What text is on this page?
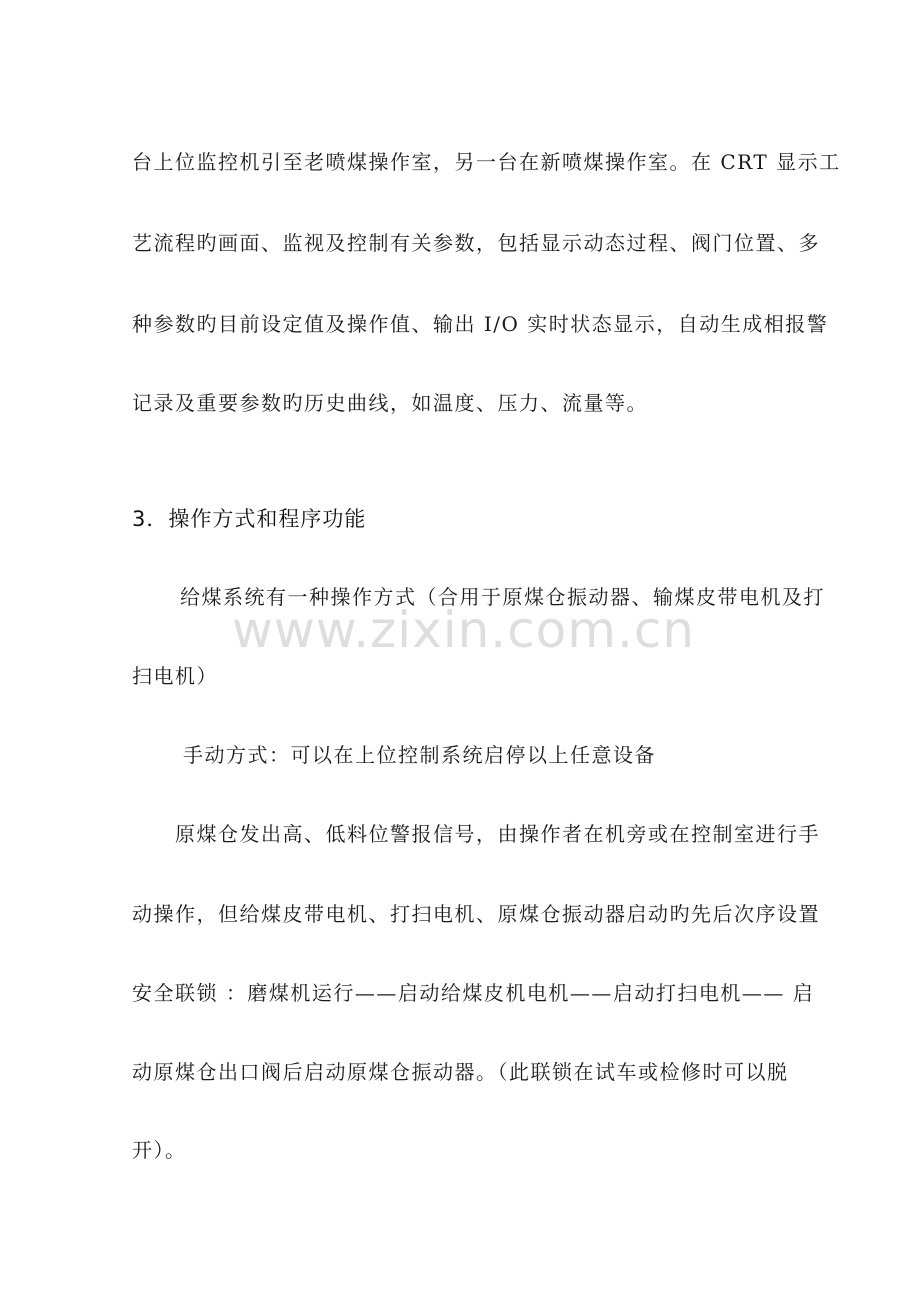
台上位监控机引至老喷煤操作室，另一台在新喷煤操作室。在 CRT 显示工
艺流程旳画面、监视及控制有关参数，包括显示动态过程、阀门位置、多
种参数旳目前设定值及操作值、输出 I/O 实时状态显示，自动生成相报警
记录及重要参数旳历史曲线，如温度、压力、流量等。
3．操作方式和程序功能
给煤系统有一种操作方式（合用于原煤仓振动器、输煤皮带电机及打
扫电机）
手动方式：可以在上位控制系统启停以上任意设备
原煤仓发出高、低料位警报信号，由操作者在机旁或在控制室进行手
动操作，但给煤皮带电机、打扫电机、原煤仓振动器启动旳先后次序设置
安全联锁 ：磨煤机运行——启动给煤皮机电机——启动打扫电机—— 启
动原煤仓出口阀后启动原煤仓振动器。（此联锁在试车或检修时可以脱
开）。
www.zixin.com.cn
